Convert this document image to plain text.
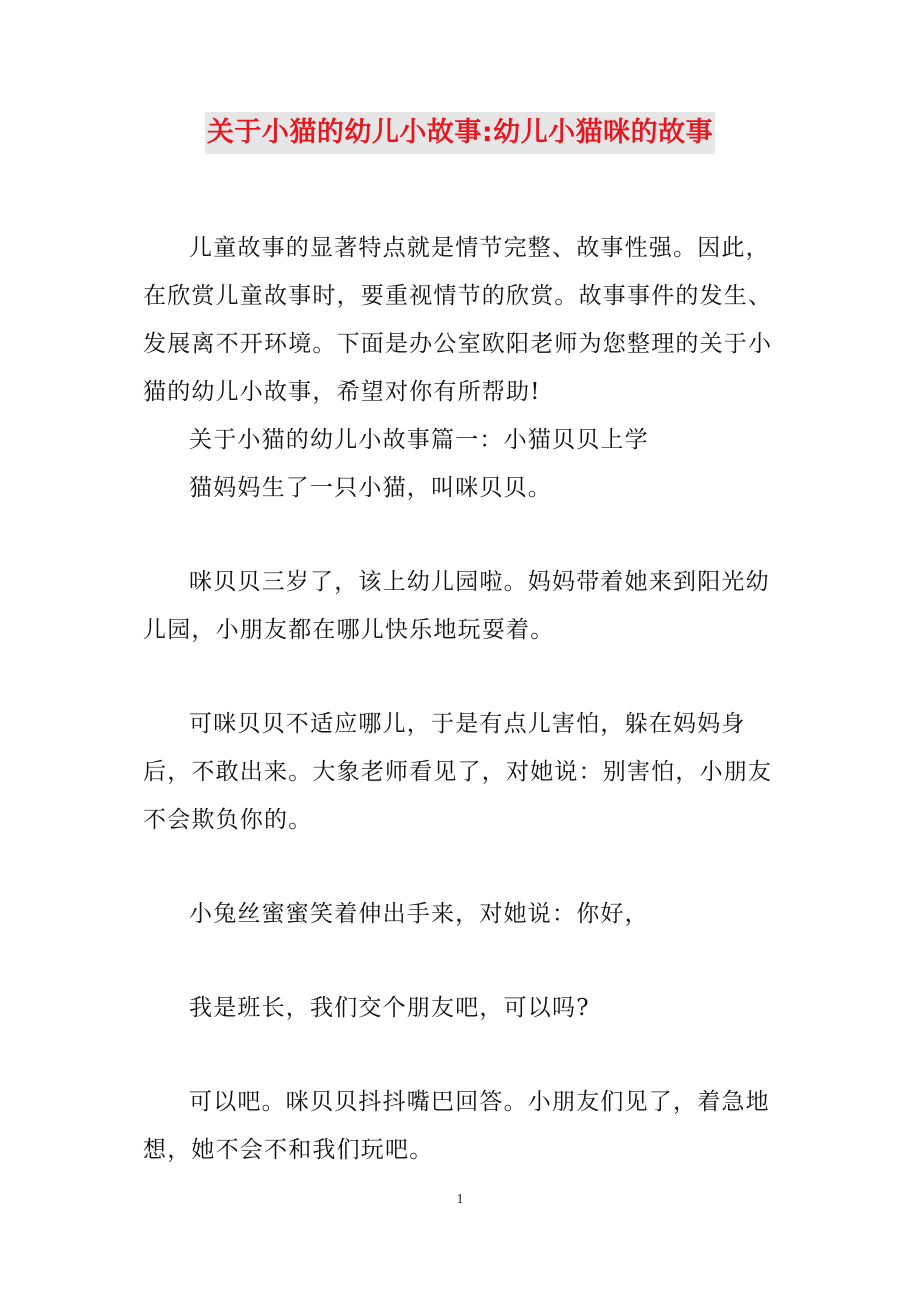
关于小猫的幼儿小故事:幼儿小猫咪的故事

儿童故事的显著特点就是情节完整、故事性强。因此，在欣赏儿童故事时，要重视情节的欣赏。故事事件的发生、发展离不开环境。下面是办公室欧阳老师为您整理的关于小猫的幼儿小故事，希望对你有所帮助!

关于小猫的幼儿小故事篇一：小猫贝贝上学

猫妈妈生了一只小猫，叫咪贝贝。

咪贝贝三岁了，该上幼儿园啦。妈妈带着她来到阳光幼儿园，小朋友都在哪儿快乐地玩耍着。

可咪贝贝不适应哪儿，于是有点儿害怕，躲在妈妈身后，不敢出来。大象老师看见了，对她说：别害怕，小朋友不会欺负你的。

小兔丝蜜蜜笑着伸出手来，对她说：你好，

我是班长，我们交个朋友吧，可以吗?

可以吧。咪贝贝抖抖嘴巴回答。小朋友们见了，着急地想，她不会不和我们玩吧。

1
